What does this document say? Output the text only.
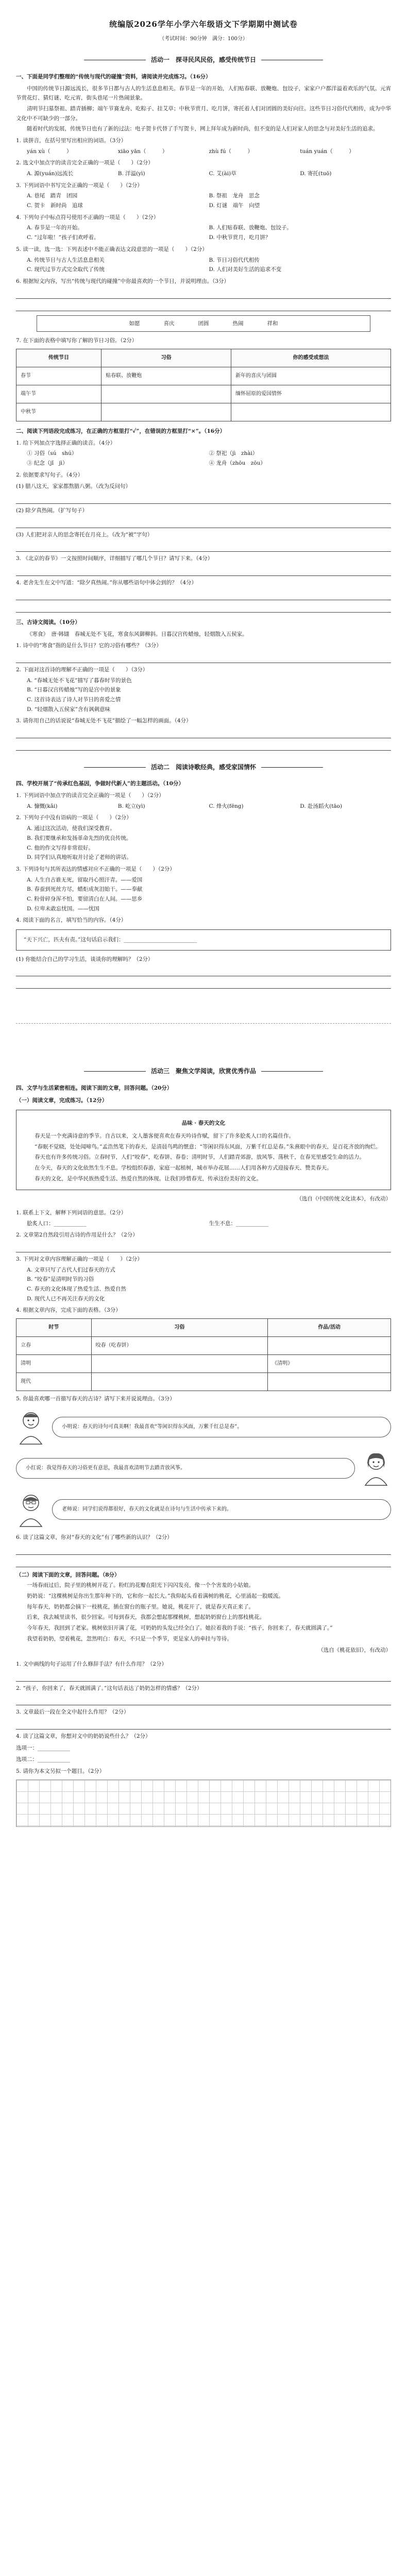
统编版2026学年小学六年级语文下学期期中测试卷
（考试时间：90分钟　满分：100分）
活动一　探寻民风民俗，感受传统节日
一、下面是同学们整理的“传统与现代的碰撞”资料，请阅读并完成练习。（16分）
中国的传统节日源远流长，很多节日都与古人的生活息息相关。春节是一年的开始，人们贴春联、放鞭炮、包饺子，家家户户都洋溢着欢乐的气氛。元宵节赏花灯、猜灯谜、吃元宵，街头巷尾一片热闹景象。
清明节扫墓祭祖、踏青插柳；端午节赛龙舟、吃粽子、挂艾草；中秋节赏月、吃月饼，寄托着人们对团圆的美好向往。这些节日习俗代代相传，成为中华文化中不可缺少的一部分。
随着时代的发展，传统节日也有了新的过法：电子贺卡代替了手写贺卡，网上拜年成为新时尚，但不变的是人们对家人的思念与对美好生活的追求。
1. 读拼音，在括号里写出相应的词语。（3分）
yán xù（　　　）	xiāo yān（　　　）	zhù fú（　　　）	tuán yuán（　　　）
2. 选文中加点字的读音完全正确的一项是（　　）（2分）
A. 源(yuán)远流长	B. 洋溢(yì)	C. 艾(ài)草	D. 寄托(tuō)
3. 下列词语中书写完全正确的一项是（　　）（2分）
A. 巷尾　踏青　团园	B. 祭祖　龙舟　思念
C. 贺卡　新时尚　追球	D. 灯谜　端午　向望
4. 下列句子中标点符号使用不正确的一项是（　　）（2分）
A. 春节是一年的开始。	B. 人们贴春联、放鞭炮、包饺子。
C. “过年啦！”孩子们欢呼着。	D. 中秋节赏月，吃月饼？
5. 读一读，选一选：下列表述中不能正确表达文段意思的一项是（　　）（2分）
A. 传统节日与古人生活息息相关	B. 节日习俗代代相传
C. 现代过节方式完全取代了传统	D. 人们对美好生活的追求不变
6. 根据短文内容，写出“传统与现代的碰撞”中你最喜欢的一个节日，并说明理由。（3分）
如愿	喜庆	团圆	热闹	祥和
7. 在下面的表格中填写你了解的节日习俗。（2分）
传统节日	习俗	你的感受或想法
春节	贴春联、放鞭炮	新年的喜庆与团圆
端午节		缅怀屈原的爱国情怀
中秋节		
二、阅读下列语段完成练习，在正确的方框里打“✓”，在错误的方框里打“×”。（16分）
1. 给下列加点字选择正确的读音。（4分）
① 习俗（sú　shú）	② 祭祀（jì　zhài）
③ 纪念（jǐ　jì）	④ 龙舟（zhōu　zōu）
2. 依据要求写句子。（4分）
(1) 腊八这天，家家都熬腊八粥。（改为反问句）
(2) 除夕真热闹。（扩写句子）
(3) 人们把对亲人的思念寄托在月亮上。（改为“被”字句）
3. 《北京的春节》一文按照时间顺序，详细描写了哪几个节日？请写下来。（4分）
4. 老舍先生在文中写道：“除夕真热闹。”你从哪些语句中体会到的？（4分）
三、古诗文阅读。（10分）
《寒食》　唐·韩翃　春城无处不飞花，寒食东风御柳斜。日暮汉宫传蜡烛，轻烟散入五侯家。
1. 诗中的“寒食”指的是什么节日？它的习俗有哪些？（3分）
2. 下面对这首诗的理解不正确的一项是（　　）（3分）
A. “春城无处不飞花”描写了暮春时节的景色
B. “日暮汉宫传蜡烛”写的是宫中的景象
C. 这首诗表达了诗人对节日的喜爱之情
D. “轻烟散入五侯家”含有讽刺意味
3. 请你用自己的话说说“春城无处不飞花”描绘了一幅怎样的画面。（4分）
活动二　阅读诗歌经典，感受家国情怀
四、学校开展了“传承红色基因，争做时代新人”的主题活动。（10分）
1. 下列词语中加点字的读音完全正确的一项是（　　）（2分）
A. 慷慨(kǎi)	B. 屹立(yì)	C. 烽火(fēng)	D. 赴汤蹈火(tāo)
2. 下列句子中没有语病的一项是（　　）（2分）
A. 通过这次活动，使我们深受教育。
B. 我们要继承和发扬革命先烈的优良传统。
C. 他的作文写得非常很好。
D. 同学们认真地听取并讨论了老师的讲话。
3. 下列诗句与其所表达的情感对应不正确的一项是（　　）（2分）
A. 人生自古谁无死，留取丹心照汗青。——爱国
B. 春蚕到死丝方尽，蜡炬成灰泪始干。——奉献
C. 粉骨碎身浑不怕，要留清白在人间。——思乡
D. 位卑未敢忘忧国。——忧国
4. 阅读下面的名言，填写恰当的内容。（4分）
“天下兴亡，匹夫有责。”这句话启示我们：___________________________
(1) 你能结合自己的学习生活，谈谈你的理解吗？（2分）
活动三　聚焦文学阅读，欣赏优秀作品
四、文学与生活紧密相连。阅读下面的文章，回答问题。（20分）
（一）阅读文章，完成练习。（12分）
品味 · 春天的文化
春天是一个充满诗意的季节。自古以来，文人墨客便喜欢在春天吟诗作赋，留下了许多脍炙人口的名篇佳作。
“春眠不觉晓，处处闻啼鸟。”孟浩然笔下的春天，是清晨鸟鸣的惬意；“等闲识得东风面，万紫千红总是春。”朱熹眼中的春天，是百花齐放的绚烂。
春天也有许多传统习俗。立春时节，人们“咬春”，吃春饼、春卷；清明时节，人们踏青郊游，放风筝、荡秋千，在春光里感受生命的活力。
在今天，春天的文化依然生生不息。学校组织春游，家庭一起植树，城市举办花展……人们用各种方式迎接春天、赞美春天。
春天的文化，是中华民族热爱生活、热爱自然的体现。让我们珍惜春光，传承这份美好的文化。
（选自《中国传统文化读本》，有改动）
1. 联系上下文，解释下列词语的意思。（2分）
脍炙人口：____________	生生不息：____________
2. 文章第2自然段引用古诗的作用是什么？（2分）
3. 下列对文章内容理解正确的一项是（　　）（2分）
A. 文章只写了古代人们过春天的方式
B. “咬春”是清明时节的习俗
C. 春天的文化体现了热爱生活、热爱自然
D. 现代人已不再关注春天的文化
4. 根据文章内容，完成下面的表格。（3分）
时节	习俗	作品/活动
立春	咬春（吃春饼）	
清明		《清明》
现代		
5. 你最喜欢哪一首描写春天的古诗？请写下来并说说理由。（3分）
小明说：春天的诗句可真美啊！我最喜欢“等闲识得东风面，万紫千红总是春”。
小红说：我觉得春天的习俗更有意思，我最喜欢清明节去踏青放风筝。
老师说：同学们说得都很好，春天的文化就是在诗句与生活中传承下来的。
6. 读了这篇文章，你对“春天的文化”有了哪些新的认识？（2分）
（二）阅读下面的文章，回答问题。（8分）
一场春雨过后，院子里的桃树开花了。粉红的花瓣在阳光下闪闪发亮，像一个个害羞的小姑娘。
奶奶说：“这棵桃树是你出生那年种下的，它和你一起长大。”我仰起头看着满树的桃花，心里涌起一股暖流。
每年春天，奶奶都会摘下一枝桃花，插在窗台的瓶子里。她说，桃花开了，就是春天真正来了。
后来，我去城里读书，很少回家。可每到春天，我都会想起那棵桃树，想起奶奶窗台上的那枝桃花。
今年春天，我回到了老家。桃树依旧开满了花，可奶奶的头发已经全白了。她拉着我的手说：“孩子，你回来了，春天就圆满了。”
我望着奶奶，望着桃花，忽然明白：春天，不只是一个季节，更是家人的牵挂与等待。
（选自《桃花依旧》，有改动）
1. 文中画线的句子运用了什么修辞手法？有什么作用？（2分）
2. “孩子，你回来了，春天就圆满了。”这句话表达了奶奶怎样的情感？（2分）
3. 文章最后一段在全文中起什么作用？（2分）
4. 读了这篇文章，你想对文中的奶奶说些什么？（2分）
选项一：____________
选项二：____________
5. 请你为本文另拟一个题目。（2分）
